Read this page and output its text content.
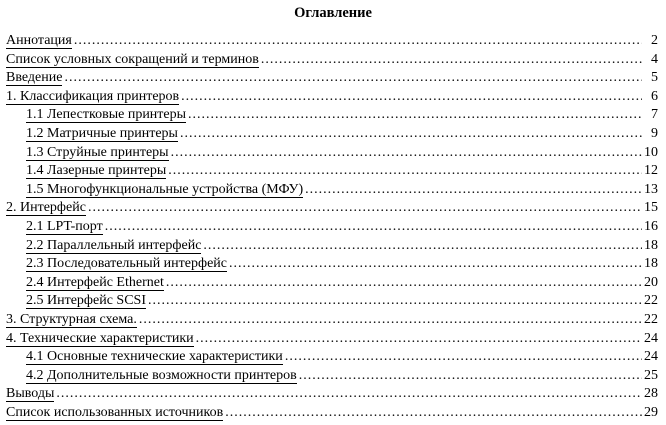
Оглавление
Аннотация .....	2
Список условных сокращений и терминов .....	4
Введение .....	5
1. Классификация принтеров .....	6
1.1 Лепестковые принтеры .....	7
1.2 Матричные принтеры .....	9
1.3 Струйные принтеры .....	10
1.4 Лазерные принтеры .....	12
1.5 Многофункциональные устройства (МФУ) .....	13
2. Интерфейс .....	15
2.1 LPT-порт .....	16
2.2 Параллельный интерфейс .....	18
2.3 Последовательный интерфейс .....	18
2.4 Интерфейс Ethernet .....	20
2.5 Интерфейс SCSI .....	22
3. Структурная схема. .....	22
4. Технические характеристики .....	24
4.1 Основные технические характеристики .....	24
4.2 Дополнительные возможности принтеров .....	25
Выводы .....	28
Список использованных источников .....	29
